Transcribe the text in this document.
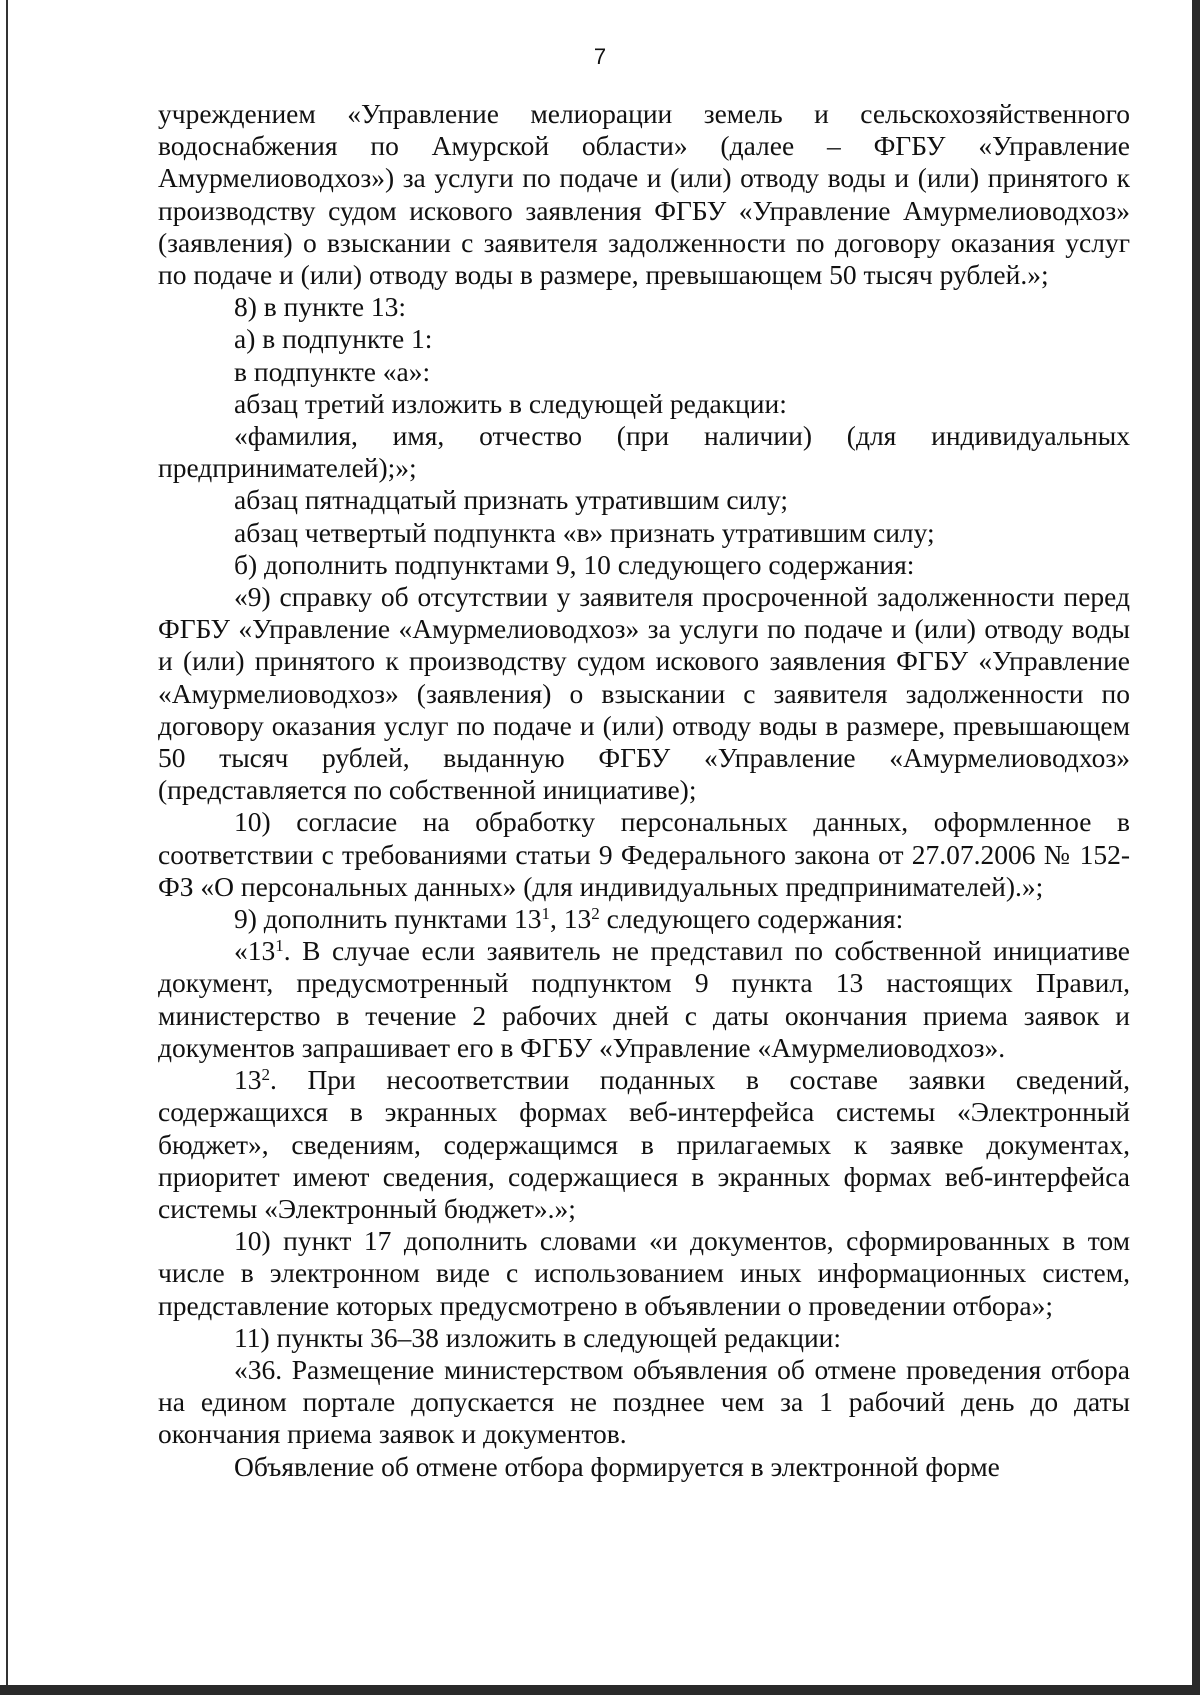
7

учреждением «Управление мелиорации земель и сельскохозяйственного водоснабжения по Амурской области» (далее – ФГБУ «Управление Амурмелиоводхоз») за услуги по подаче и (или) отводу воды и (или) принятого к производству судом искового заявления ФГБУ «Управление Амурмелиоводхоз» (заявления) о взыскании с заявителя задолженности по договору оказания услуг по подаче и (или) отводу воды в размере, превышающем 50 тысяч рублей.»;

8) в пункте 13:

а) в подпункте 1:

в подпункте «а»:

абзац третий изложить в следующей редакции:

«фамилия, имя, отчество (при наличии) (для индивидуальных предпринимателей);»;

абзац пятнадцатый признать утратившим силу;

абзац четвертый подпункта «в» признать утратившим силу;

б) дополнить подпунктами 9, 10 следующего содержания:

«9) справку об отсутствии у заявителя просроченной задолженности перед ФГБУ «Управление «Амурмелиоводхоз» за услуги по подаче и (или) отводу воды и (или) принятого к производству судом искового заявления ФГБУ «Управление «Амурмелиоводхоз» (заявления) о взыскании с заявителя задолженности по договору оказания услуг по подаче и (или) отводу воды в размере, превышающем 50 тысяч рублей, выданную ФГБУ «Управление «Амурмелиоводхоз» (представляется по собственной инициативе);

10) согласие на обработку персональных данных, оформленное в соответствии с требованиями статьи 9 Федерального закона от 27.07.2006 № 152-ФЗ «О персональных данных» (для индивидуальных предпринимателей).»;

9) дополнить пунктами $13^1$, $13^2$ следующего содержания:

«$13^1$. В случае если заявитель не представил по собственной инициативе документ, предусмотренный подпунктом 9 пункта 13 настоящих Правил, министерство в течение 2 рабочих дней с даты окончания приема заявок и документов запрашивает его в ФГБУ «Управление «Амурмелиоводхоз».

$13^2$. При несоответствии поданных в составе заявки сведений, содержащихся в экранных формах веб-интерфейса системы «Электронный бюджет», сведениям, содержащимся в прилагаемых к заявке документах, приоритет имеют сведения, содержащиеся в экранных формах веб-интерфейса системы «Электронный бюджет».»;

10) пункт 17 дополнить словами «и документов, сформированных в том числе в электронном виде с использованием иных информационных систем, представление которых предусмотрено в объявлении о проведении отбора»;

11) пункты 36–38 изложить в следующей редакции:

«36. Размещение министерством объявления об отмене проведения отбора на едином портале допускается не позднее чем за 1 рабочий день до даты окончания приема заявок и документов.

Объявление об отмене отбора формируется в электронной форме
